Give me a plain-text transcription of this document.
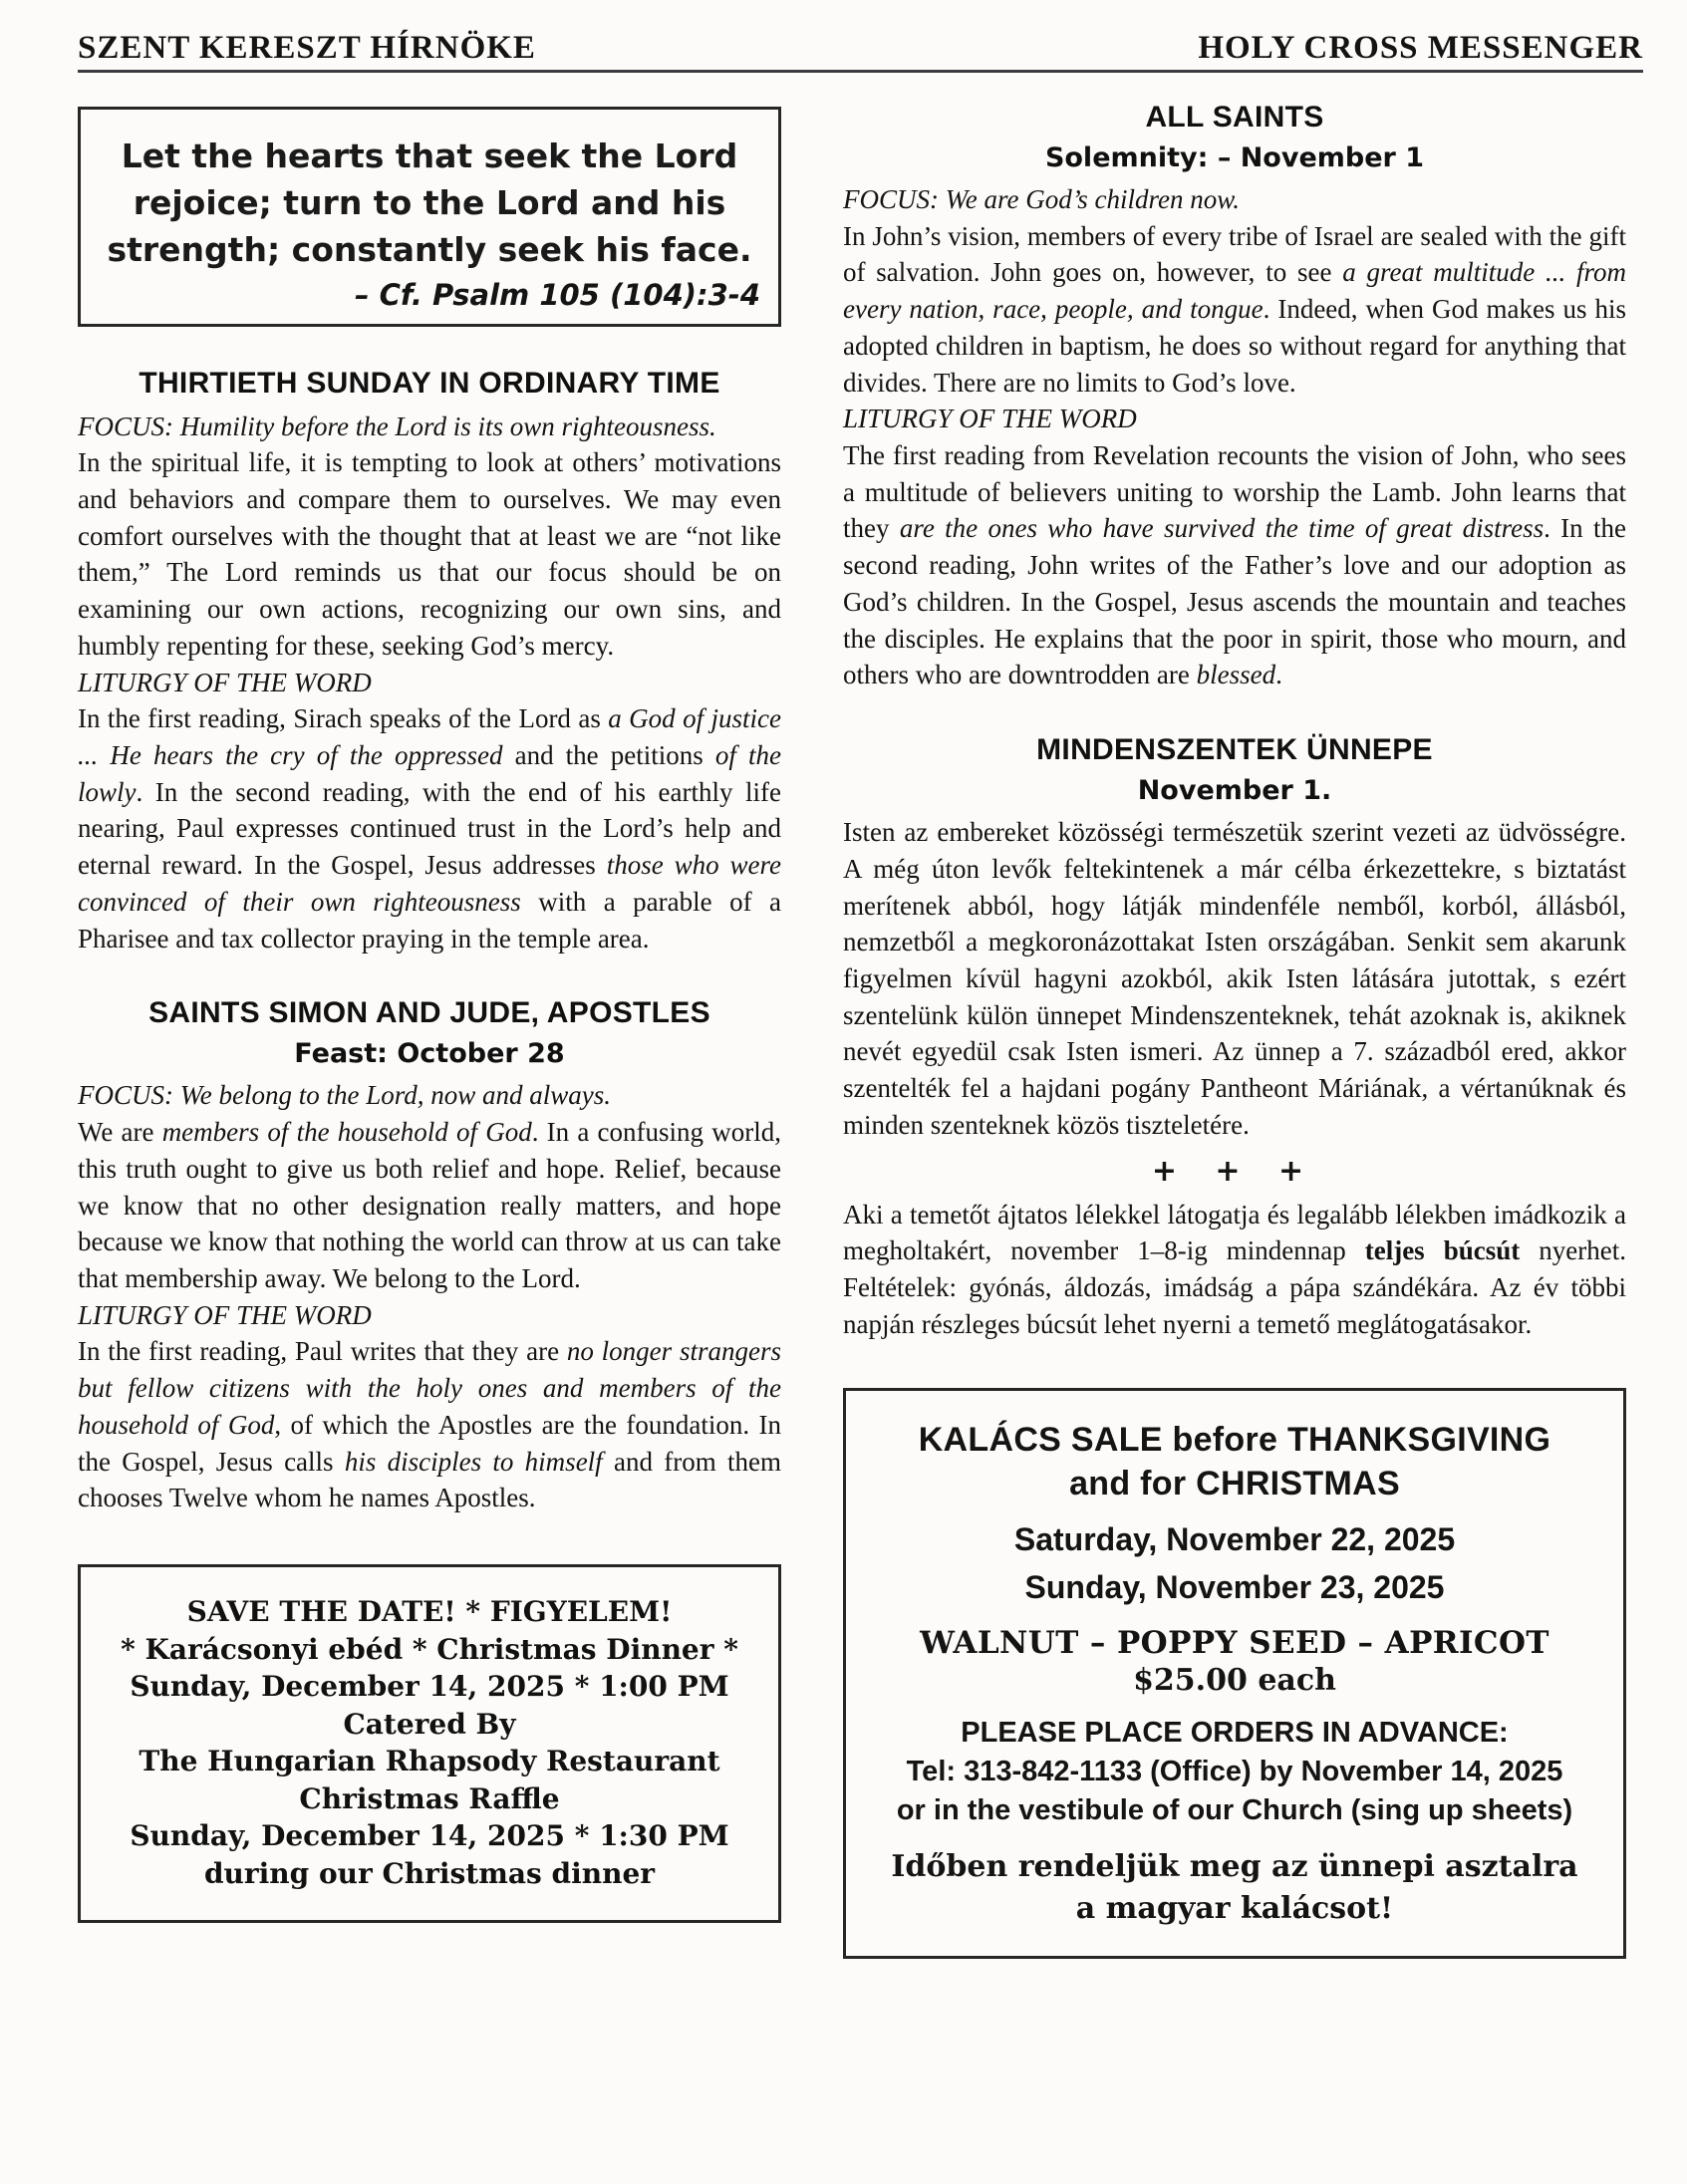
SZENT KERESZT HÍRNÖKE	HOLY CROSS MESSENGER
Let the hearts that seek the Lord
rejoice; turn to the Lord and his
strength; constantly seek his face.
– Cf. Psalm 105 (104):3-4
THIRTIETH SUNDAY IN ORDINARY TIME

FOCUS: Humility before the Lord is its own righteousness.

In the spiritual life, it is tempting to look at others’ motivations and behaviors and compare them to ourselves. We may even comfort ourselves with the thought that at least we are “not like them,” The Lord reminds us that our focus should be on examining our own actions, recognizing our own sins, and humbly repenting for these, seeking God’s mercy.

LITURGY OF THE WORD

In the first reading, Sirach speaks of the Lord as a God of justice ... He hears the cry of the oppressed and the petitions of the lowly. In the second reading, with the end of his earthly life nearing, Paul expresses continued trust in the Lord’s help and eternal reward. In the Gospel, Jesus addresses those who were convinced of their own righteousness with a parable of a Pharisee and tax collector praying in the temple area.

SAINTS SIMON AND JUDE, APOSTLES
Feast: October 28

FOCUS: We belong to the Lord, now and always.

We are members of the household of God. In a confusing world, this truth ought to give us both relief and hope. Relief, because we know that no other designation really matters, and hope because we know that nothing the world can throw at us can take that membership away. We belong to the Lord.

LITURGY OF THE WORD

In the first reading, Paul writes that they are no longer strangers but fellow citizens with the holy ones and members of the household of God, of which the Apostles are the foundation. In the Gospel, Jesus calls his disciples to himself and from them chooses Twelve whom he names Apostles.

SAVE THE DATE! * FIGYELEM!
* Karácsonyi ebéd * Christmas Dinner *
Sunday, December 14, 2025 * 1:00 PM
Catered By
The Hungarian Rhapsody Restaurant
Christmas Raffle
Sunday, December 14, 2025 * 1:30 PM
during our Christmas dinner
ALL SAINTS
Solemnity: – November 1

FOCUS: We are God’s children now.

In John’s vision, members of every tribe of Israel are sealed with the gift of salvation. John goes on, however, to see a great multitude ... from every nation, race, people, and tongue. Indeed, when God makes us his adopted children in baptism, he does so without regard for anything that divides. There are no limits to God’s love.

LITURGY OF THE WORD

The first reading from Revelation recounts the vision of John, who sees a multitude of believers uniting to worship the Lamb. John learns that they are the ones who have survived the time of great distress. In the second reading, John writes of the Father’s love and our adoption as God’s children. In the Gospel, Jesus ascends the mountain and teaches the disciples. He explains that the poor in spirit, those who mourn, and others who are downtrodden are blessed.

MINDENSZENTEK ÜNNEPE
November 1.

Isten az embereket közösségi természetük szerint vezeti az üdvösségre. A még úton levők feltekintenek a már célba érkezettekre, s biztatást merítenek abból, hogy látják mindenféle nemből, korból, állásból, nemzetből a megkoronázottakat Isten országában. Senkit sem akarunk figyelmen kívül hagyni azokból, akik Isten látására jutottak, s ezért szentelünk külön ünnepet Mindenszenteknek, tehát azoknak is, akiknek nevét egyedül csak Isten ismeri. Az ünnep a 7. századból ered, akkor szentelték fel a hajdani pogány Pantheont Máriának, a vértanúknak és minden szenteknek közös tiszteletére.

+ + +

Aki a temetőt ájtatos lélekkel látogatja és legalább lélekben imádkozik a megholtakért, november 1–8-ig mindennap teljes búcsút nyerhet. Feltételek: gyónás, áldozás, imádság a pápa szándékára. Az év többi napján részleges búcsút lehet nyerni a temető meglátogatásakor.

KALÁCS SALE before THANKSGIVING
and for CHRISTMAS
Saturday, November 22, 2025
Sunday, November 23, 2025
WALNUT – POPPY SEED – APRICOT
$25.00 each
PLEASE PLACE ORDERS IN ADVANCE:
Tel: 313-842-1133 (Office) by November 14, 2025
or in the vestibule of our Church (sing up sheets)
Időben rendeljük meg az ünnepi asztalra
a magyar kalácsot!
